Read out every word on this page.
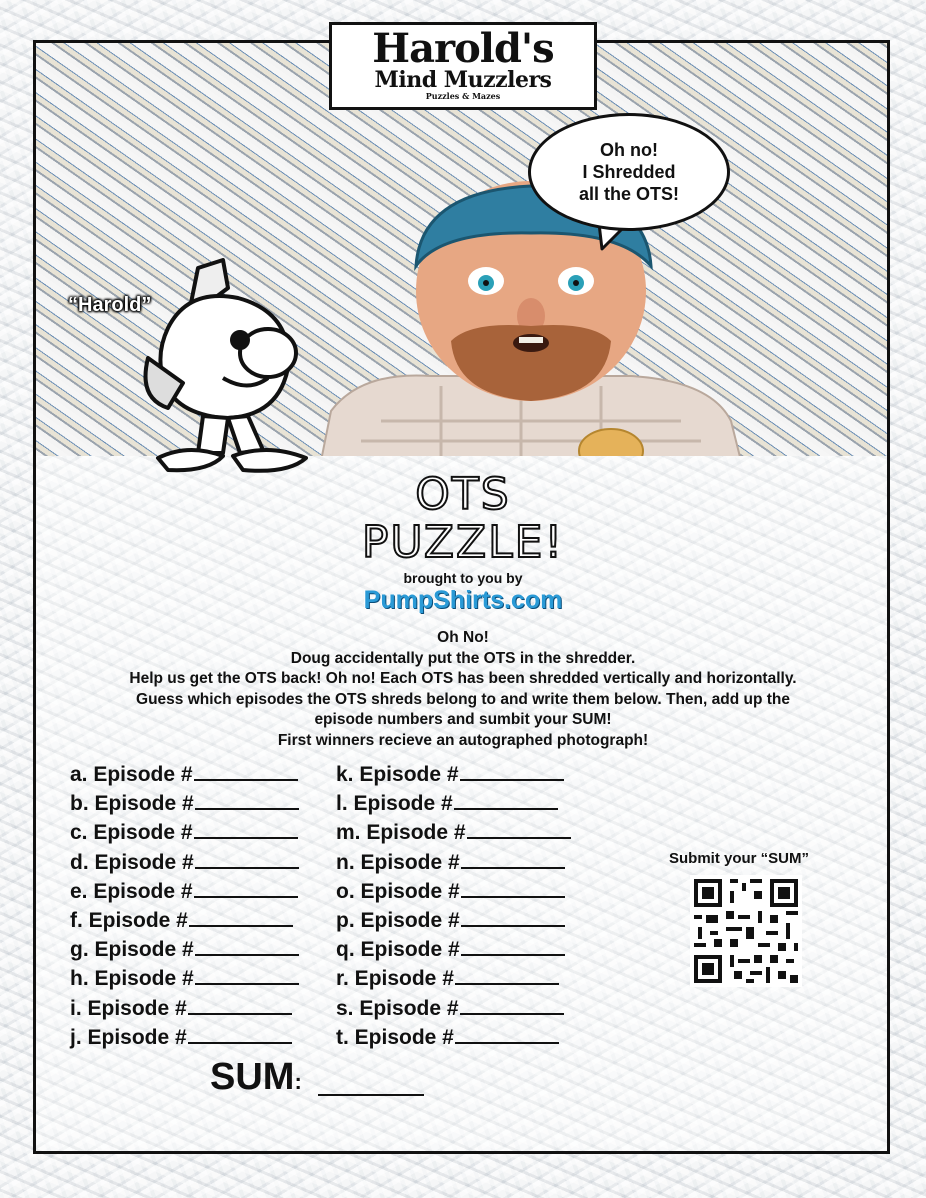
Harold's
Mind Muzzlers
Puzzles & Mazes
Oh no!
I Shredded
all the OTS!
“Harold”
OTS
PUZZLE!
brought to you by
PumpShirts.com
Oh No!
Doug accidentally put the OTS in the shredder.
Help us get the OTS back! Oh no! Each OTS has been shredded vertically and horizontally.
Guess which episodes the OTS shreds belong to and write them below. Then, add up the
episode numbers and sumbit your SUM!
First winners recieve an autographed photograph!
a. Episode #
b. Episode #
c. Episode #
d. Episode #
e. Episode #
f. Episode #
g. Episode #
h. Episode #
i. Episode #
j. Episode #
k. Episode #
l. Episode #
m. Episode #
n. Episode #
o. Episode #
p. Episode #
q. Episode #
r. Episode #
s. Episode #
t. Episode #
SUM:
Submit your “SUM”
